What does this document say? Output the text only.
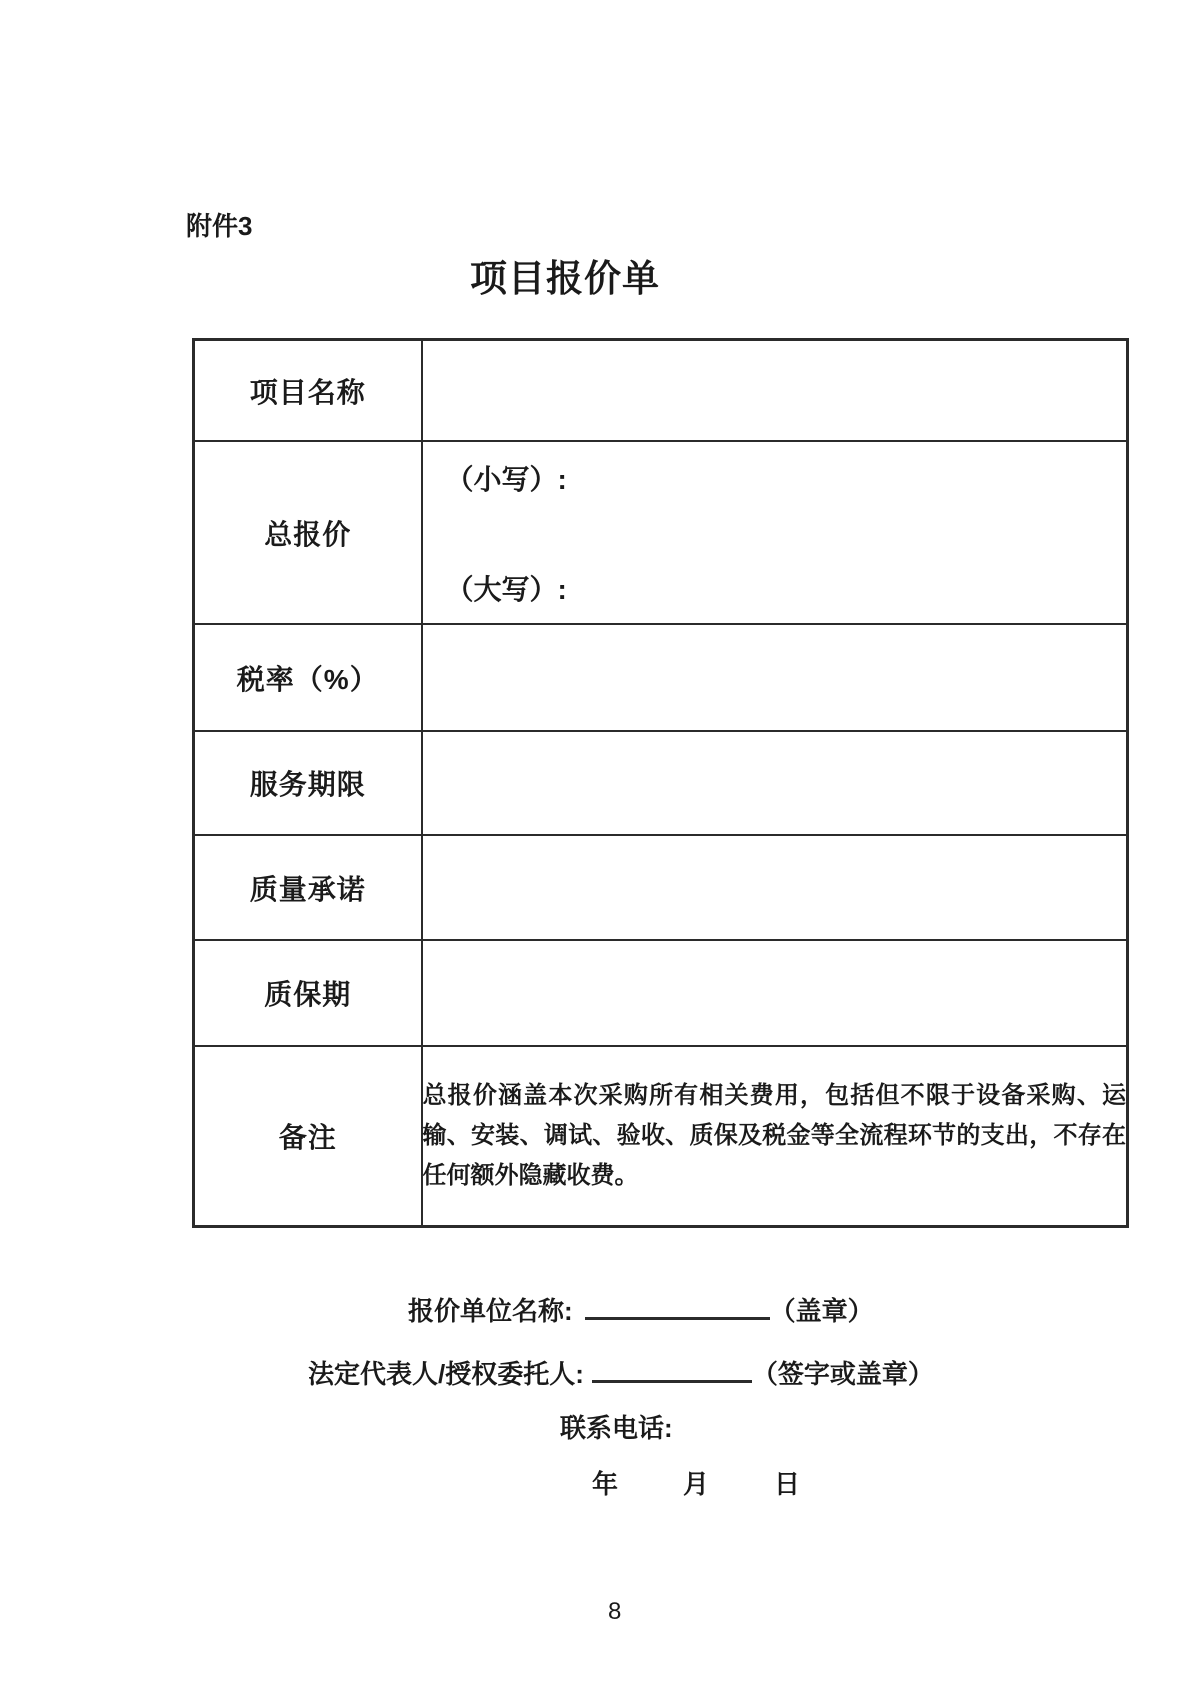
附件3
项目报价单
项目名称	
总报价	（小写）:
（大写）:

税率（%）	
服务期限	
质量承诺	
质保期	
备注	总报价涵盖本次采购所有相关费用，包括但不限于设备采购、运输、安装、调试、验收、质保及税金等全流程环节的支出，不存在任何额外隐藏收费。
报价单位名称:	（盖章）
法定代表人/授权委托人:	（签字或盖章）
联系电话:
年	月	日
8
